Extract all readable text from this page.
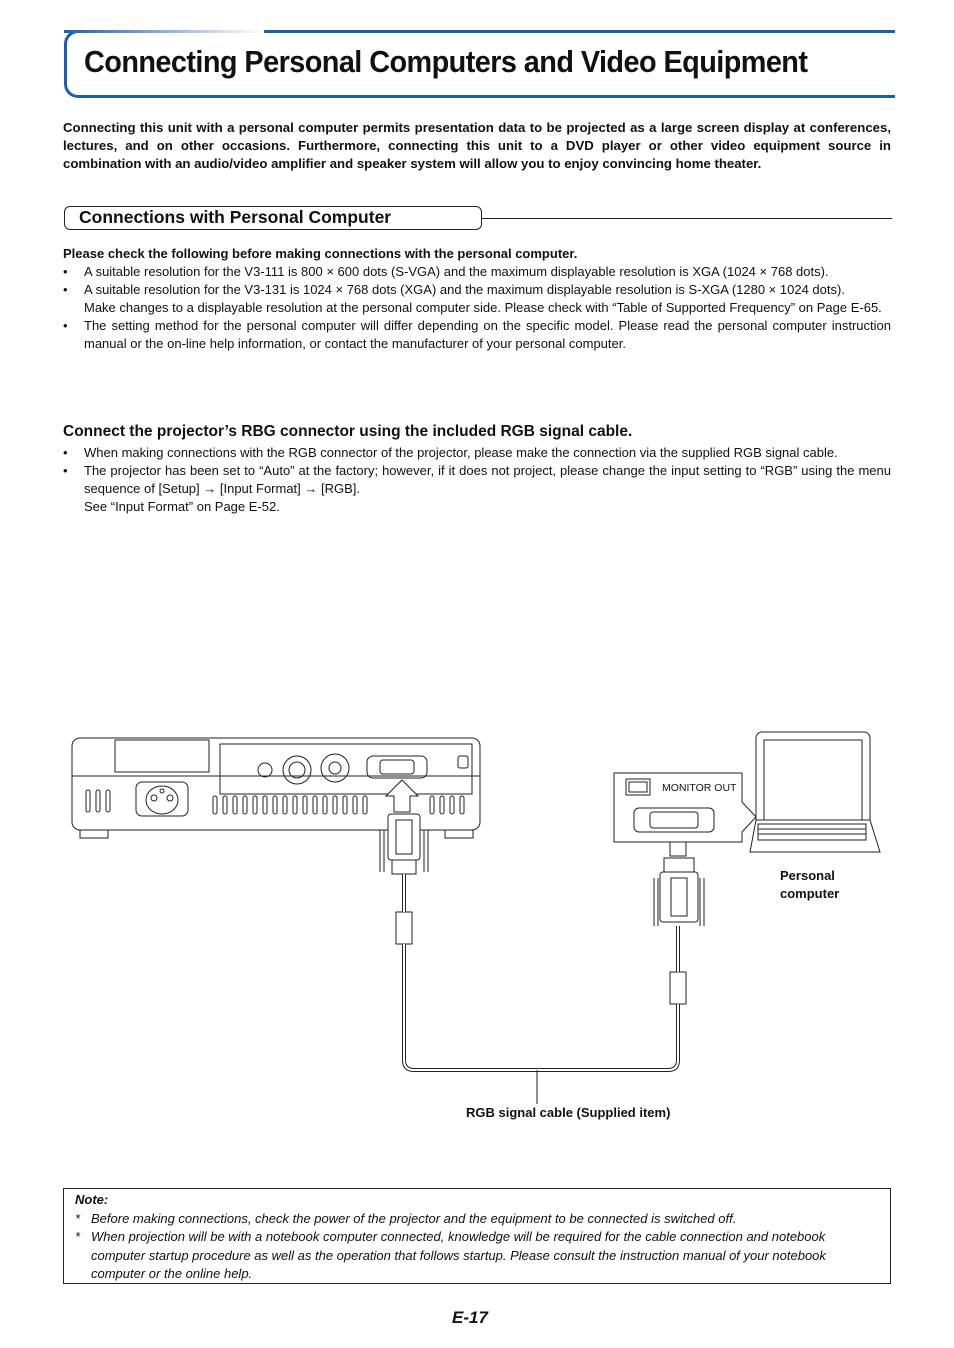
Connecting Personal Computers and Video Equipment

Connecting this unit with a personal computer permits presentation data to be projected as a large screen display at conferences, lectures, and on other occasions. Furthermore, connecting this unit to a DVD player or other video equipment source in combination with an audio/video amplifier and speaker system will allow you to enjoy convincing home theater.

Connections with Personal Computer
Please check the following before making connections with the personal computer.
• A suitable resolution for the V3-111 is 800 × 600 dots (S-VGA) and the maximum displayable resolution is XGA (1024 × 768 dots).
• A suitable resolution for the V3-131 is 1024 × 768 dots (XGA) and the maximum displayable resolution is S-XGA (1280 × 1024 dots).
Make changes to a displayable resolution at the personal computer side. Please check with “Table of Supported Frequency” on Page E-65.
• The setting method for the personal computer will differ depending on the specific model. Please read the personal computer instruction manual or the on-line help information, or contact the manufacturer of your personal computer.
Connect the projector’s RBG connector using the included RGB signal cable.
• When making connections with the RGB connector of the projector, please make the connection via the supplied RGB signal cable.
• The projector has been set to “Auto” at the factory; however, if it does not project, please change the input setting to “RGB” using the menu sequence of [Setup] → [Input Format] → [RGB].
See “Input Format” on Page E-52.
MONITOR OUT
Personal
computer
RGB signal cable (Supplied item)
Note:
* Before making connections, check the power of the projector and the equipment to be connected is switched off.
* When projection will be with a notebook computer connected, knowledge will be required for the cable connection and notebook computer startup procedure as well as the operation that follows startup. Please consult the instruction manual of your notebook computer or the online help.
E-17
